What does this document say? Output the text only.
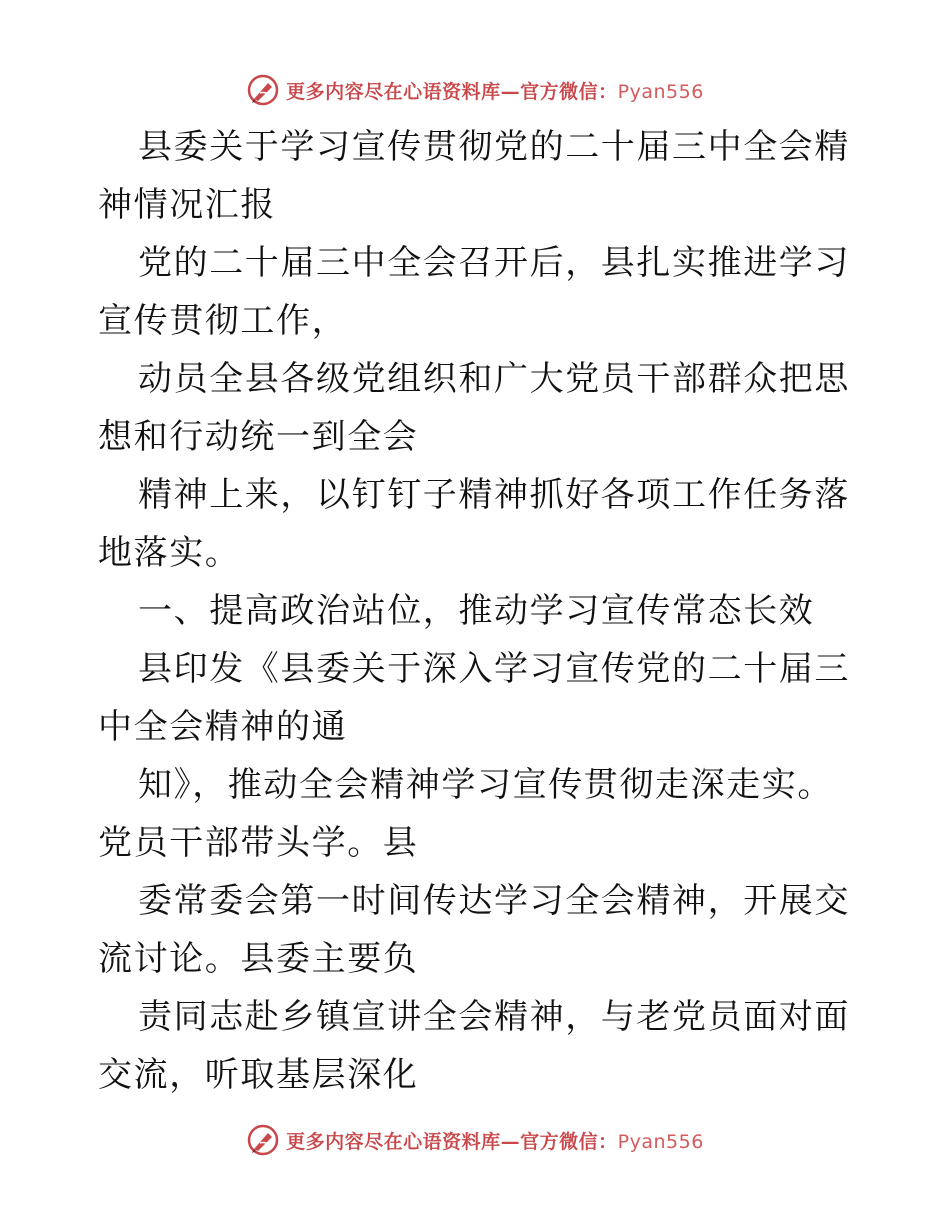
更多内容尽在心语资料库—官方微信：Pyan556

县委关于学习宣传贯彻党的二十届三中全会精神情况汇报

党的二十届三中全会召开后，县扎实推进学习宣传贯彻工作，

动员全县各级党组织和广大党员干部群众把思想和行动统一到全会

精神上来，以钉钉子精神抓好各项工作任务落地落实。

一、提高政治站位，推动学习宣传常态长效

县印发《县委关于深入学习宣传党的二十届三中全会精神的通

知》，推动全会精神学习宣传贯彻走深走实。党员干部带头学。县

委常委会第一时间传达学习全会精神，开展交流讨论。县委主要负

责同志赴乡镇宣讲全会精神，与老党员面对面交流，听取基层深化

更多内容尽在心语资料库—官方微信：Pyan556
